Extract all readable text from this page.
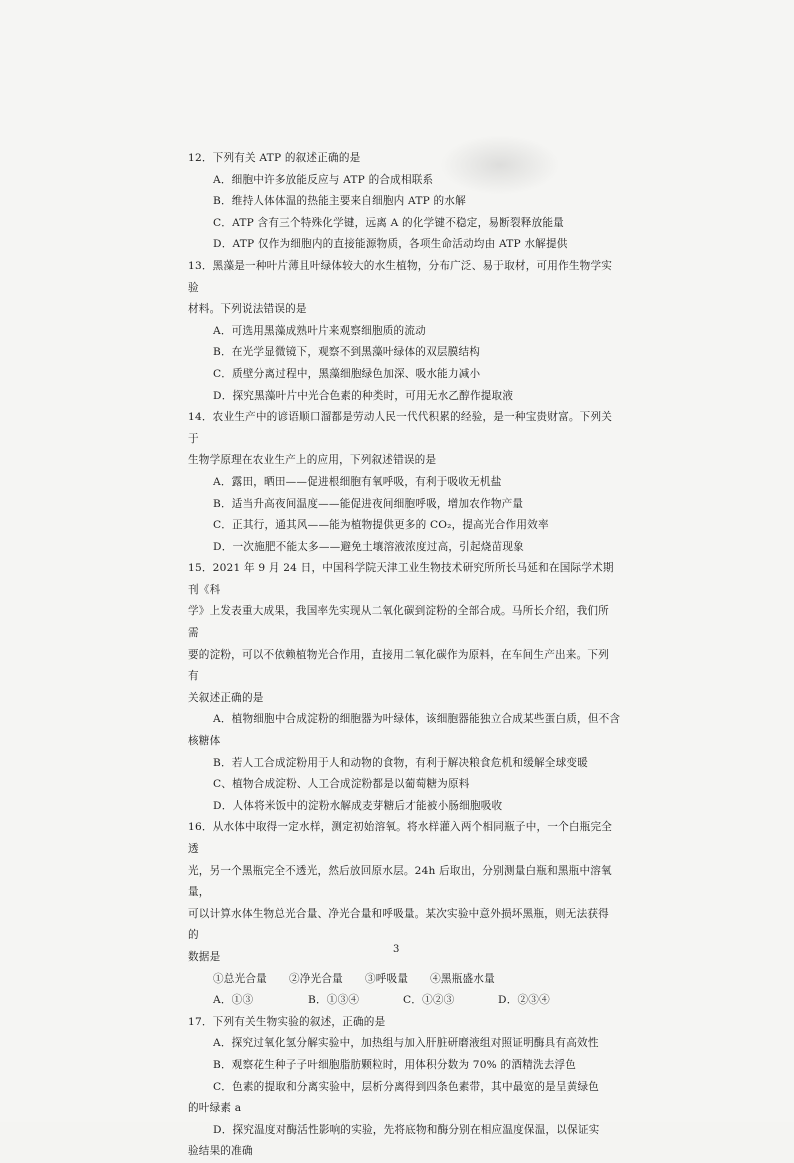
12．下列有关 ATP 的叙述正确的是

A．细胞中许多放能反应与 ATP 的合成相联系

B．维持人体体温的热能主要来自细胞内 ATP 的水解

C．ATP 含有三个特殊化学键，远离 A 的化学键不稳定，易断裂释放能量

D．ATP 仅作为细胞内的直接能源物质，各项生命活动均由 ATP 水解提供

13．黑藻是一种叶片薄且叶绿体较大的水生植物，分布广泛、易于取材，可用作生物学实验

材料。下列说法错误的是

A．可选用黑藻成熟叶片来观察细胞质的流动

B．在光学显微镜下，观察不到黑藻叶绿体的双层膜结构

C．质壁分离过程中，黑藻细胞绿色加深、吸水能力减小

D．探究黑藻叶片中光合色素的种类时，可用无水乙醇作提取液

14．农业生产中的谚语顺口溜都是劳动人民一代代积累的经验，是一种宝贵财富。下列关于

生物学原理在农业生产上的应用，下列叙述错误的是

A．露田，晒田——促进根细胞有氧呼吸，有利于吸收无机盐

B．适当升高夜间温度——能促进夜间细胞呼吸，增加农作物产量

C．正其行，通其风——能为植物提供更多的 CO₂，提高光合作用效率

D．一次施肥不能太多——避免土壤溶液浓度过高，引起烧苗现象

15．2021 年 9 月 24 日，中国科学院天津工业生物技术研究所所长马延和在国际学术期刊《科

学》上发表重大成果，我国率先实现从二氧化碳到淀粉的全部合成。马所长介绍，我们所需

要的淀粉，可以不依赖植物光合作用，直接用二氧化碳作为原料，在车间生产出来。下列有

关叙述正确的是

A．植物细胞中合成淀粉的细胞器为叶绿体，该细胞器能独立合成某些蛋白质，但不含

核糖体

B．若人工合成淀粉用于人和动物的食物，有利于解决粮食危机和缓解全球变暖

C、植物合成淀粉、人工合成淀粉都是以葡萄糖为原料

D．人体将米饭中的淀粉水解成麦芽糖后才能被小肠细胞吸收

16．从水体中取得一定水样，测定初始溶氧。将水样灌入两个相同瓶子中，一个白瓶完全透

光，另一个黑瓶完全不透光，然后放回原水层。24h 后取出，分别测量白瓶和黑瓶中溶氧量，

可以计算水体生物总光合量、净光合量和呼吸量。某次实验中意外损坏黑瓶，则无法获得的

数据是

①总光合量 ②净光合量 ③呼吸量 ④黑瓶盛水量
A．①③	B．①③④	C．①②③	D．②③④

17．下列有关生物实验的叙述，正确的是

A．探究过氧化氢分解实验中，加热组与加入肝脏研磨液组对照证明酶具有高效性

B．观察花生种子子叶细胞脂肪颗粒时，用体积分数为 70% 的酒精洗去浮色

C．色素的提取和分离实验中，层析分离得到四条色素带，其中最宽的是呈黄绿色

的叶绿素 a

D．探究温度对酶活性影响的实验，先将底物和酶分别在相应温度保温，以保证实

验结果的准确

3
